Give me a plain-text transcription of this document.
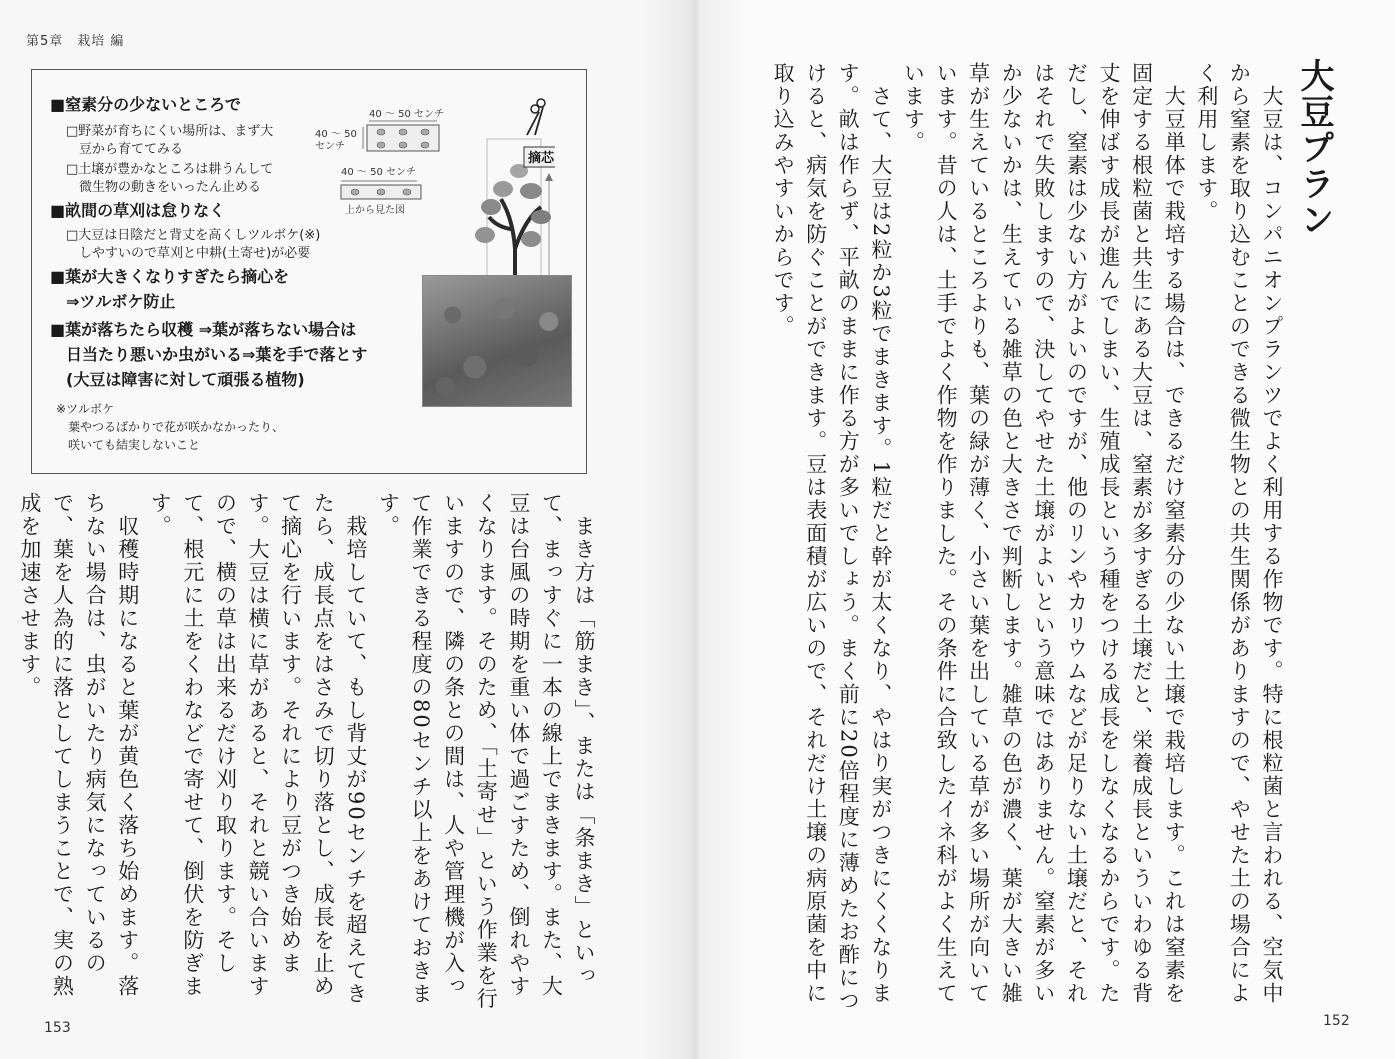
第5章　栽培 編
■窒素分の少ないところで
□野菜が育ちにくい場所は、まず大
　豆から育ててみる
□土壌が豊かなところは耕うんして
　微生物の動きをいったん止める
■畝間の草刈は怠りなく
□大豆は日陰だと背丈を高くしツルボケ(※)
　しやすいので草刈と中耕(土寄せ)が必要
■葉が大きくなりすぎたら摘心を
　⇒ツルボケ防止
■葉が落ちたら収穫 ⇒葉が落ちない場合は
　日当たり悪いか虫がいる⇒葉を手で落とす
　(大豆は障害に対して頑張る植物)
※ツルボケ
　葉やつるばかりで花が咲かなかったり、
　咲いても結実しないこと
40 ～ 50 センチ
40 ～ 50
センチ
40 ～ 50 センチ
上から見た図
摘芯
　まき方は「筋まき」、または「条まき」といって、まっすぐに一本の線上でまきます。また、大豆は台風の時期を重い体で過ごすため、倒れやすくなります。そのため、「土寄せ」という作業を行いますので、隣の条との間は、人や管理機が入って作業できる程度の80センチ以上をあけておきます。
　栽培していて、もし背丈が90センチを超えてきたら、成長点をはさみで切り落とし、成長を止めて摘心を行います。それにより豆がつき始めます。大豆は横に草があると、それと競い合いますので、横の草は出来るだけ刈り取ります。そして、根元に土をくわなどで寄せて、倒伏を防ぎます。
　収穫時期になると葉が黄色く落ち始めます。落ちない場合は、虫がいたり病気になっているので、葉を人為的に落としてしまうことで、実の熟成を加速させます。
153
大豆プラン
　大豆は、コンパニオンプランツでよく利用する作物です。特に根粒菌と言われる、空気中から窒素を取り込むことのできる微生物との共生関係がありますので、やせた土の場合によく利用します。
　大豆単体で栽培する場合は、できるだけ窒素分の少ない土壌で栽培します。これは窒素を固定する根粒菌と共生にある大豆は、窒素が多すぎる土壌だと、栄養成長といういわゆる背丈を伸ばす成長が進んでしまい、生殖成長という種をつける成長をしなくなるからです。ただし、窒素は少ない方がよいのですが、他のリンやカリウムなどが足りない土壌だと、それはそれで失敗しますので、決してやせた土壌がよいという意味ではありません。窒素が多いか少ないかは、生えている雑草の色と大きさで判断します。雑草の色が濃く、葉が大きい雑草が生えているところよりも、葉の緑が薄く、小さい葉を出している草が多い場所が向いています。昔の人は、土手でよく作物を作りました。その条件に合致したイネ科がよく生えています。
　さて、大豆は2粒か3粒でまきます。1粒だと幹が太くなり、やはり実がつきにくくなります。畝は作らず、平畝のままに作る方が多いでしょう。まく前に20倍程度に薄めたお酢につけると、病気を防ぐことができます。豆は表面積が広いので、それだけ土壌の病原菌を中に取り込みやすいからです。
152
